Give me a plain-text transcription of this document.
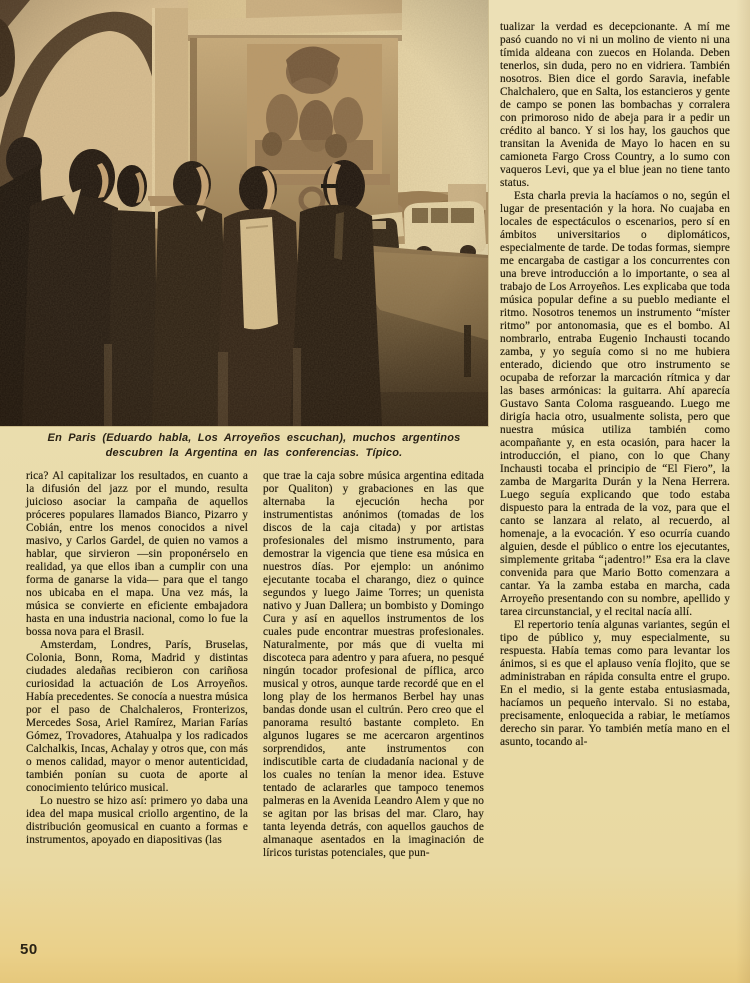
En Paris (Eduardo habla, Los Arroyeños escuchan), muchos argentinos descubren la Argentina en las conferencias. Típico.

rica? Al capitalizar los resultados, en cuanto a la difusión del jazz por el mundo, resulta juicioso asociar la campaña de aquellos próceres populares llamados Bianco, Pizarro y Cobián, entre los menos conocidos a nivel masivo, y Carlos Gardel, de quien no vamos a hablar, que sirvieron —sin proponérselo en realidad, ya que ellos iban a cumplir con una forma de ganarse la vida— para que el tango nos ubicaba en el mapa. Una vez más, la música se convierte en eficiente embajadora hasta en una industria nacional, como lo fue la bossa nova para el Brasil.

Amsterdam, Londres, París, Bruselas, Colonia, Bonn, Roma, Madrid y distintas ciudades aledañas recibieron con cariñosa curiosidad la actuación de Los Arroyeños. Había precedentes. Se conocía a nuestra música por el paso de Chalchaleros, Fronterizos, Mercedes Sosa, Ariel Ramírez, Marian Farías Gómez, Trovadores, Atahualpa y los radicados Calchalkis, Incas, Achalay y otros que, con más o menos calidad, mayor o menor autenticidad, también ponían su cuota de aporte al conocimiento telúrico musical.

Lo nuestro se hizo así: primero yo daba una idea del mapa musical criollo argentino, de la distribución geomusical en cuanto a formas e instrumentos, apoyado en diapositivas (las

que trae la caja sobre música argentina editada por Qualiton) y grabaciones en las que alternaba la ejecución hecha por instrumentistas anónimos (tomadas de los discos de la caja citada) y por artistas profesionales del mismo instrumento, para demostrar la vigencia que tiene esa música en nuestros días. Por ejemplo: un anónimo ejecutante tocaba el charango, diez o quince segundos y luego Jaime Torres; un quenista nativo y Juan Dallera; un bombisto y Domingo Cura y así en aquellos instrumentos de los cuales pude encontrar muestras profesionales. Naturalmente, por más que di vuelta mi discoteca para adentro y para afuera, no pesqué ningún tocador profesional de píflica, arco musical y otros, aunque tarde recordé que en el long play de los hermanos Berbel hay unas bandas donde usan el cultrún. Pero creo que el panorama resultó bastante completo. En algunos lugares se me acercaron argentinos sorprendidos, ante instrumentos con indiscutible carta de ciudadanía nacional y de los cuales no tenían la menor idea. Estuve tentado de aclararles que tampoco tenemos palmeras en la Avenida Leandro Alem y que no se agitan por las brisas del mar. Claro, hay tanta leyenda detrás, con aquellos gauchos de almanaque asentados en la imaginación de líricos turistas potenciales, que pun-

tualizar la verdad es decepcionante. A mí me pasó cuando no vi ni un molino de viento ni una tímida aldeana con zuecos en Holanda. Deben tenerlos, sin duda, pero no en vidriera. También nosotros. Bien dice el gordo Saravia, inefable Chalchalero, que en Salta, los estancieros y gente de campo se ponen las bombachas y corralera con primoroso nido de abeja para ir a pedir un crédito al banco. Y si los hay, los gauchos que transitan la Avenida de Mayo lo hacen en su camioneta Fargo Cross Country, a lo sumo con vaqueros Levi, que ya el blue jean no tiene tanto status.

Esta charla previa la hacíamos o no, según el lugar de presentación y la hora. No cuajaba en locales de espectáculos o escenarios, pero sí en ámbitos universitarios o diplomáticos, especialmente de tarde. De todas formas, siempre me encargaba de castigar a los concurrentes con una breve introducción a lo importante, o sea al trabajo de Los Arroyeños. Les explicaba que toda música popular define a su pueblo mediante el ritmo. Nosotros tenemos un instrumento “míster ritmo” por antonomasia, que es el bombo. Al nombrarlo, entraba Eugenio Inchausti tocando zamba, y yo seguía como si no me hubiera enterado, diciendo que otro instrumento se ocupaba de reforzar la marcación rítmica y dar las bases armónicas: la guitarra. Ahí aparecía Gustavo Santa Coloma rasgueando. Luego me dirigía hacia otro, usualmente solista, pero que nuestra música utiliza también como acompañante y, en esta ocasión, para hacer la introducción, el piano, con lo que Chany Inchausti tocaba el principio de “El Fiero”, la zamba de Margarita Durán y la Nena Herrera. Luego seguía explicando que todo estaba dispuesto para la entrada de la voz, para que el canto se lanzara al relato, al recuerdo, al homenaje, a la evocación. Y eso ocurría cuando alguien, desde el público o entre los ejecutantes, simplemente gritaba “¡adentro!” Esa era la clave convenida para que Mario Botto comenzara a cantar. Ya la zamba estaba en marcha, cada Arroyeño presentando con su nombre, apellido y tarea circunstancial, y el recital nacía allí.

El repertorio tenía algunas variantes, según el tipo de público y, muy especialmente, su respuesta. Había temas como para levantar los ánimos, si es que el aplauso venía flojito, que se administraban en rápida consulta entre el grupo. En el medio, si la gente estaba entusiasmada, hacíamos un pequeño intervalo. Si no estaba, precisamente, enloquecida a rabiar, le metíamos derecho sin parar. Yo también metía mano en el asunto, tocando al-

50
